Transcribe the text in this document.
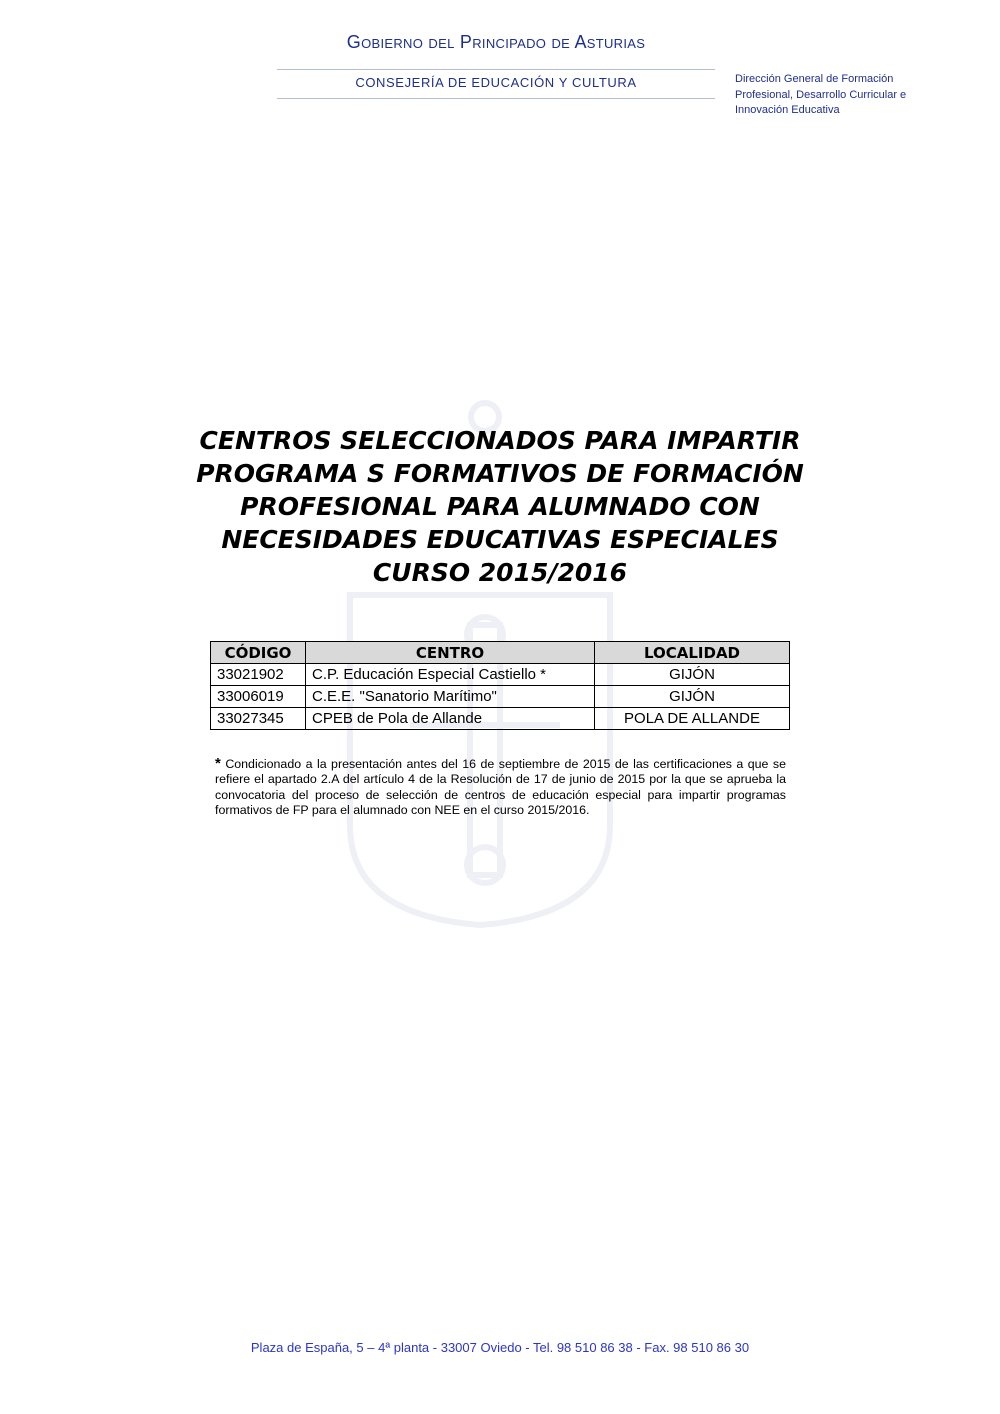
Gobierno del Principado de Asturias
CONSEJERÍA DE EDUCACIÓN Y CULTURA	Dirección General de Formación
Profesional, Desarrollo Curricular e
Innovación Educativa
CENTROS SELECCIONADOS PARA IMPARTIR
PROGRAMA S FORMATIVOS DE FORMACIÓN
PROFESIONAL PARA ALUMNADO CON
NECESIDADES EDUCATIVAS ESPECIALES
CURSO 2015/2016
CÓDIGO	CENTRO	LOCALIDAD
33021902	C.P. Educación Especial Castiello *	GIJÓN
33006019	C.E.E. "Sanatorio Marítimo"	GIJÓN
33027345	CPEB de Pola de Allande	POLA DE ALLANDE
* Condicionado a la presentación antes del 16 de septiembre de 2015 de las certificaciones a que se refiere el apartado 2.A del artículo 4 de la Resolución de 17 de junio de 2015 por la que se aprueba la convocatoria del proceso de selección de centros de educación especial para impartir programas formativos de FP para el alumnado con NEE en el curso 2015/2016.
Plaza de España, 5 – 4ª planta - 33007 Oviedo - Tel. 98 510 86 38 - Fax. 98 510 86 30
